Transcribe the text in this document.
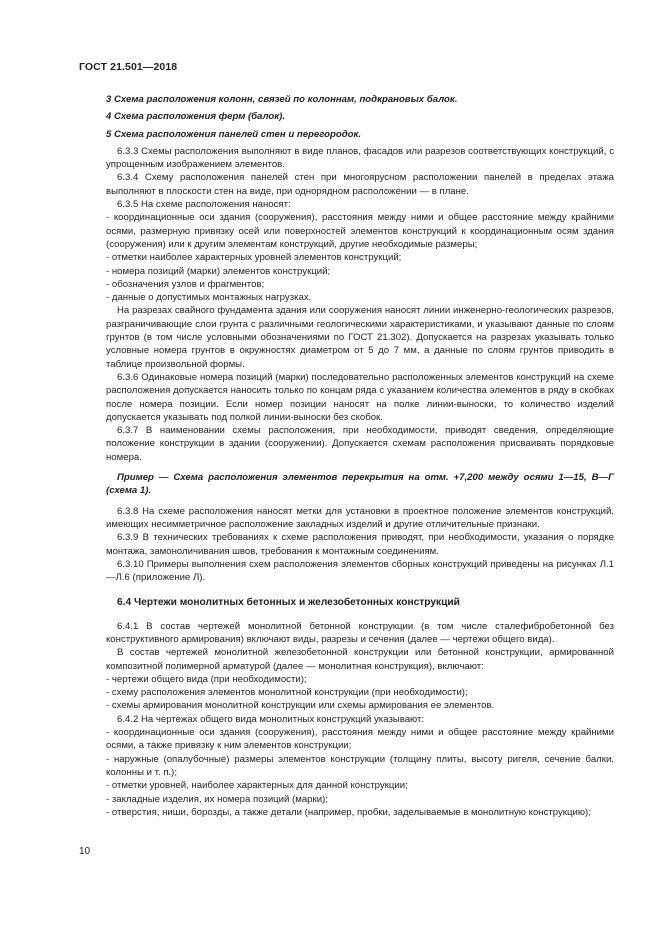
ГОСТ 21.501—2018

3 Схема расположения колонн, связей по колоннам, подкрановых балок.

4 Схема расположения ферм (балок).

5 Схема расположения панелей стен и перегородок.

6.3.3 Схемы расположения выполняют в виде планов, фасадов или разрезов соответствующих конструкций, с упрощенным изображением элементов.

6.3.4 Схему расположения панелей стен при многоярусном расположении панелей в пределах этажа выполняют в плоскости стен на виде, при однорядном расположении — в плане.

6.3.5 На схеме расположения наносят:

- координационные оси здания (сооружения), расстояния между ними и общее расстояние между крайними осями, размерную привязку осей или поверхностей элементов конструкций к координационным осям здания (сооружения) или к другим элементам конструкций, другие необходимые размеры;

- отметки наиболее характерных уровней элементов конструкций;

- номера позиций (марки) элементов конструкций;

- обозначения узлов и фрагментов;

- данные о допустимых монтажных нагрузках.

На разрезах свайного фундамента здания или сооружения наносят линии инженерно-геологических разрезов, разграничивающие слои грунта с различными геологическими характеристиками, и указывают данные по слоям грунтов (в том числе условными обозначениями по ГОСТ 21.302). Допускается на разрезах указывать только условные номера грунтов в окружностях диаметром от 5 до 7 мм, а данные по слоям грунтов приводить в таблице произвольной формы.

6.3.6 Одинаковые номера позиций (марки) последовательно расположенных элементов конструкций на схеме расположения допускается наносить только по концам ряда с указанием количества элементов в ряду в скобках после номера позиции. Если номер позиции наносят на полке линии-выноски, то количество изделий допускается указывать под полкой линии-выноски без скобок.

6.3.7 В наименовании схемы расположения, при необходимости, приводят сведения, определяющие положение конструкции в здании (сооружении). Допускается схемам расположения присваивать порядковые номера.

Пример — Схема расположения элементов перекрытия на отм. +7,200 между осями 1—15, В—Г (схема 1).

6.3.8 На схеме расположения наносят метки для установки в проектное положение элементов конструкций, имеющих несимметричное расположение закладных изделий и другие отличительные признаки.

6.3.9 В технических требованиях к схеме расположения приводят, при необходимости, указания о порядке монтажа, замоноличивания швов, требования к монтажным соединениям.

6.3.10 Примеры выполнения схем расположения элементов сборных конструкций приведены на рисунках Л.1—Л.6 (приложение Л).

6.4 Чертежи монолитных бетонных и железобетонных конструкций

6.4.1 В состав чертежей монолитной бетонной конструкции (в том числе сталефибробетонной без конструктивного армирования) включают виды, разрезы и сечения (далее — чертежи общего вида).

В состав чертежей монолитной железобетонной конструкции или бетонной конструкции, армированной композитной полимерной арматурой (далее — монолитная конструкция), включают:

- чертежи общего вида (при необходимости);

- схему расположения элементов монолитной конструкции (при необходимости);

- схемы армирования монолитной конструкции или схемы армирования ее элементов.

6.4.2 На чертежах общего вида монолитных конструкций указывают:

- координационные оси здания (сооружения), расстояния между ними и общее расстояние между крайними осями, а также привязку к ним элементов конструкции;

- наружные (опалубочные) размеры элементов конструкции (толщину плиты, высоту ригеля, сечение балки, колонны и т. п.);

- отметки уровней, наиболее характерных для данной конструкции;

- закладные изделия, их номера позиций (марки);

- отверстия, ниши, борозды, а также детали (например, пробки, заделываемые в монолитную конструкцию);

10
